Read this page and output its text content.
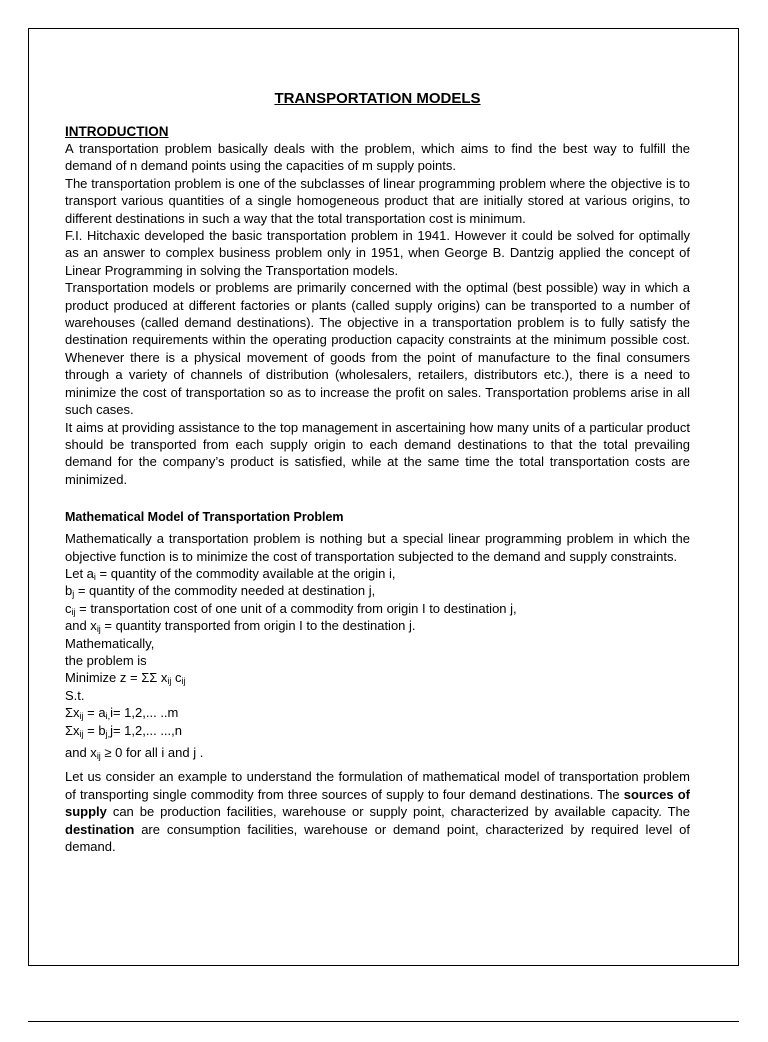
TRANSPORTATION MODELS
INTRODUCTION

A transportation problem basically deals with the problem, which aims to find the best way to fulfill the demand of n demand points using the capacities of m supply points.

The transportation problem is one of the subclasses of linear programming problem where the objective is to transport various quantities of a single homogeneous product that are initially stored at various origins, to different destinations in such a way that the total transportation cost is minimum.

F.I. Hitchaxic developed the basic transportation problem in 1941. However it could be solved for optimally as an answer to complex business problem only in 1951, when George B. Dantzig applied the concept of Linear Programming in solving the Transportation models.

Transportation models or problems are primarily concerned with the optimal (best possible) way in which a product produced at different factories or plants (called supply origins) can be transported to a number of warehouses (called demand destinations). The objective in a transportation problem is to fully satisfy the destination requirements within the operating production capacity constraints at the minimum possible cost. Whenever there is a physical movement of goods from the point of manufacture to the final consumers through a variety of channels of distribution (wholesalers, retailers, distributors etc.), there is a need to minimize the cost of transportation so as to increase the profit on sales. Transportation problems arise in all such cases.

It aims at providing assistance to the top management in ascertaining how many units of a particular product should be transported from each supply origin to each demand destinations to that the total prevailing demand for the company’s product is satisfied, while at the same time the total transportation costs are minimized.

Mathematical Model of Transportation Problem

Mathematically a transportation problem is nothing but a special linear programming problem in which the objective function is to minimize the cost of transportation subjected to the demand and supply constraints.

Let $a_i$ = quantity of the commodity available at the origin i,
$b_j$ = quantity of the commodity needed at destination j,
$c_{ij}$ = transportation cost of one unit of a commodity from origin I to destination j,
and $x_{ij}$ = quantity transported from origin I to the destination j.
Mathematically,
the problem is
Minimize z = ΣΣ $x_{ij}$ $c_{ij}$
S.t.
$\Sigma x_{ij} = a_{i,}i= 1,2$,... ..m
$\Sigma x_{ij} = b_{j,}j= 1,2$,... ...,n
and $x_{ij} \ge 0$ for all i and j .

Let us consider an example to understand the formulation of mathematical model of transportation problem of transporting single commodity from three sources of supply to four demand destinations. The sources of supply can be production facilities, warehouse or supply point, characterized by available capacity. The destination are consumption facilities, warehouse or demand point, characterized by required level of demand.
